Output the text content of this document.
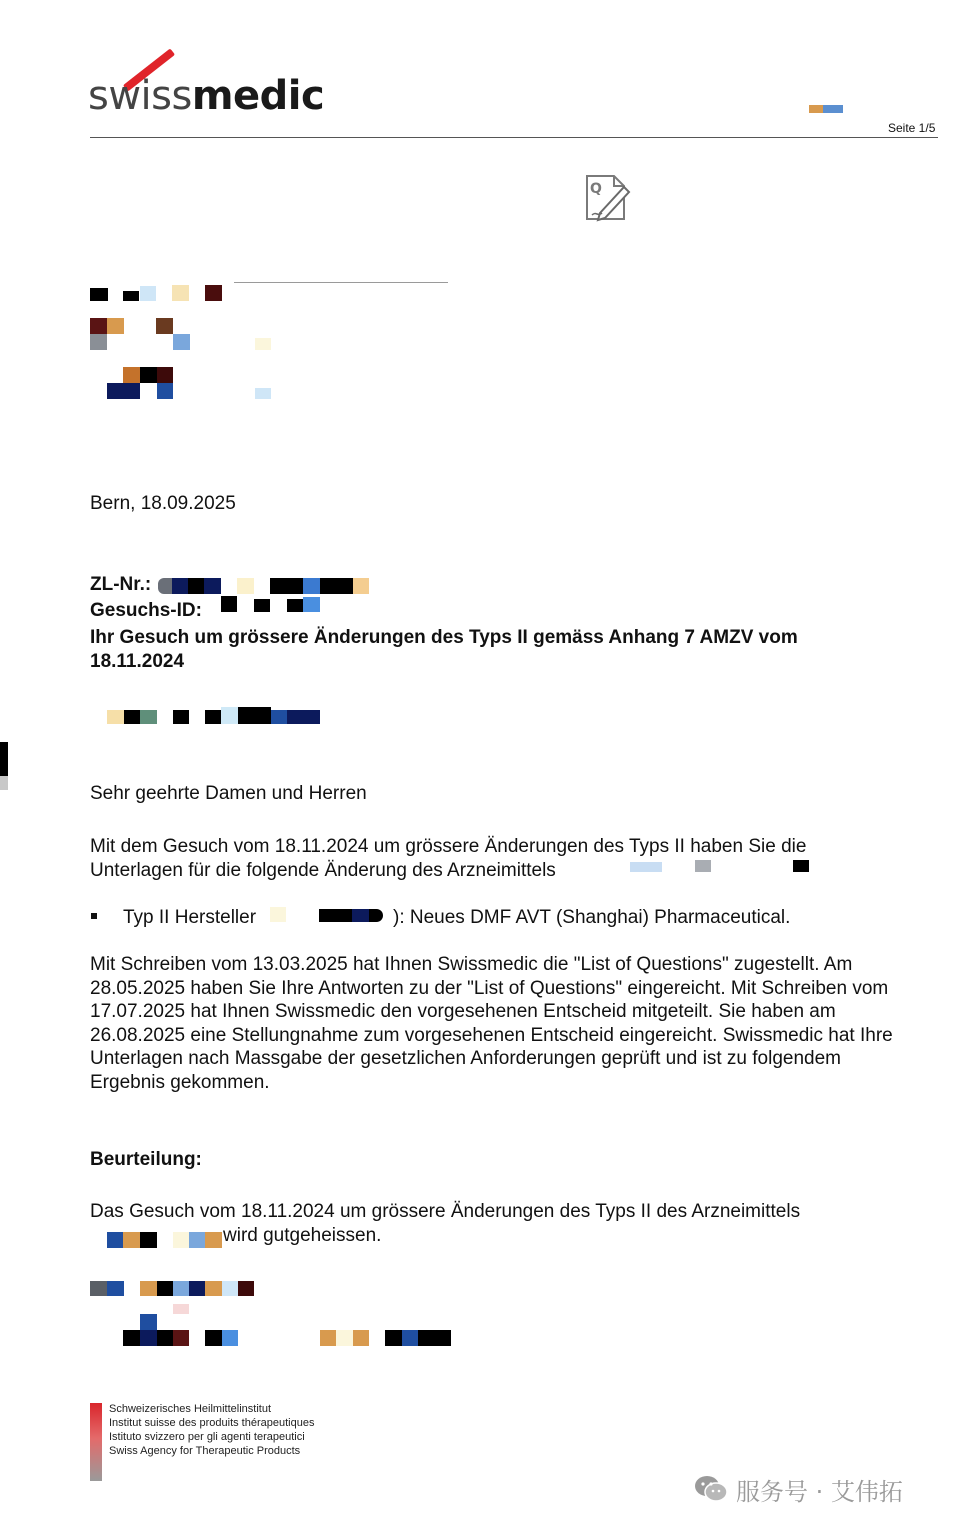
swissmedic
Seite 1/5
Q
Bern, 18.09.2025
ZL-Nr.:
Gesuchs-ID:
Ihr Gesuch um grössere Änderungen des Typs II gemäss Anhang 7 AMZV vom
18.11.2024
Sehr geehrte Damen und Herren
Mit dem Gesuch vom 18.11.2024 um grössere Änderungen des Typs II haben Sie die
Unterlagen für die folgende Änderung des Arzneimittels
Typ II Hersteller	): Neues DMF AVT (Shanghai) Pharmaceutical.
Mit Schreiben vom 13.03.2025 hat Ihnen Swissmedic die "List of Questions" zugestellt. Am
28.05.2025 haben Sie Ihre Antworten zu der "List of Questions" eingereicht. Mit Schreiben vom
17.07.2025 hat Ihnen Swissmedic den vorgesehenen Entscheid mitgeteilt. Sie haben am
26.08.2025 eine Stellungnahme zum vorgesehenen Entscheid eingereicht. Swissmedic hat Ihre
Unterlagen nach Massgabe der gesetzlichen Anforderungen geprüft und ist zu folgendem
Ergebnis gekommen.
Beurteilung:
Das Gesuch vom 18.11.2024 um grössere Änderungen des Typs II des Arzneimittels
wird gutgeheissen.
Schweizerisches Heilmittelinstitut
Institut suisse des produits thérapeutiques
Istituto svizzero per gli agenti terapeutici
Swiss Agency for Therapeutic Products
服务号 · 艾伟拓
